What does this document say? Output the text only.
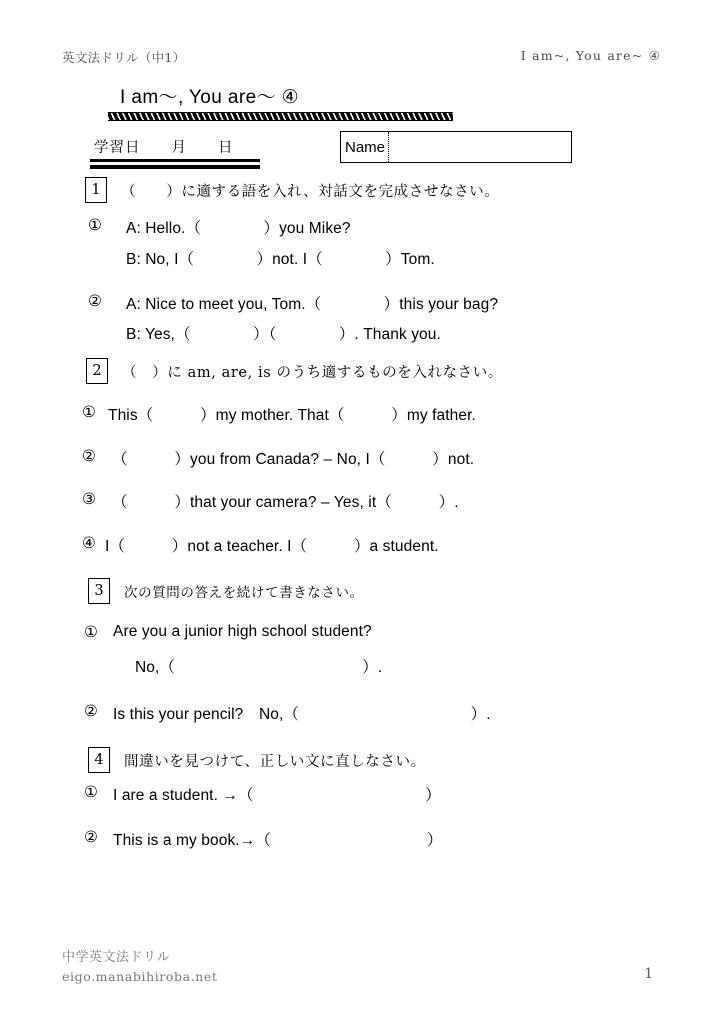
英文法ドリル（中1）	I am~, You are~ ④
I am～, You are～ ④
学習日　　月　　日	Name
1	（　　）に適する語を入れ、対話文を完成させなさい。
① A: Hello.（　　　　）you Mike?
B: No, I（　　　　）not. I（　　　　）Tom.
② A: Nice to meet you, Tom.（　　　　）this your bag?
B: Yes,（　　　　）（　　　　）. Thank you.
2	（　）に am, are, is のうち適するものを入れなさい。
① This（　　　）my mother. That（　　　）my father.
② （　　　）you from Canada? – No, I（　　　）not.
③ （　　　）that your camera? – Yes, it（　　　）.
④ I（　　　）not a teacher. I（　　　）a student.
3	次の質問の答えを続けて書きなさい。
① Are you a junior high school student?
No,（　　　　　　　　　　　　）.
② Is this your pencil?　No,（　　　　　　　　　　　）.
4	間違いを見つけて、正しい文に直しなさい。
① I are a student. →（　　　　　　　　　　　）
② This is a my book.→（　　　　　　　　　　）
中学英文法ドリル
eigo.manabihiroba.net	1
